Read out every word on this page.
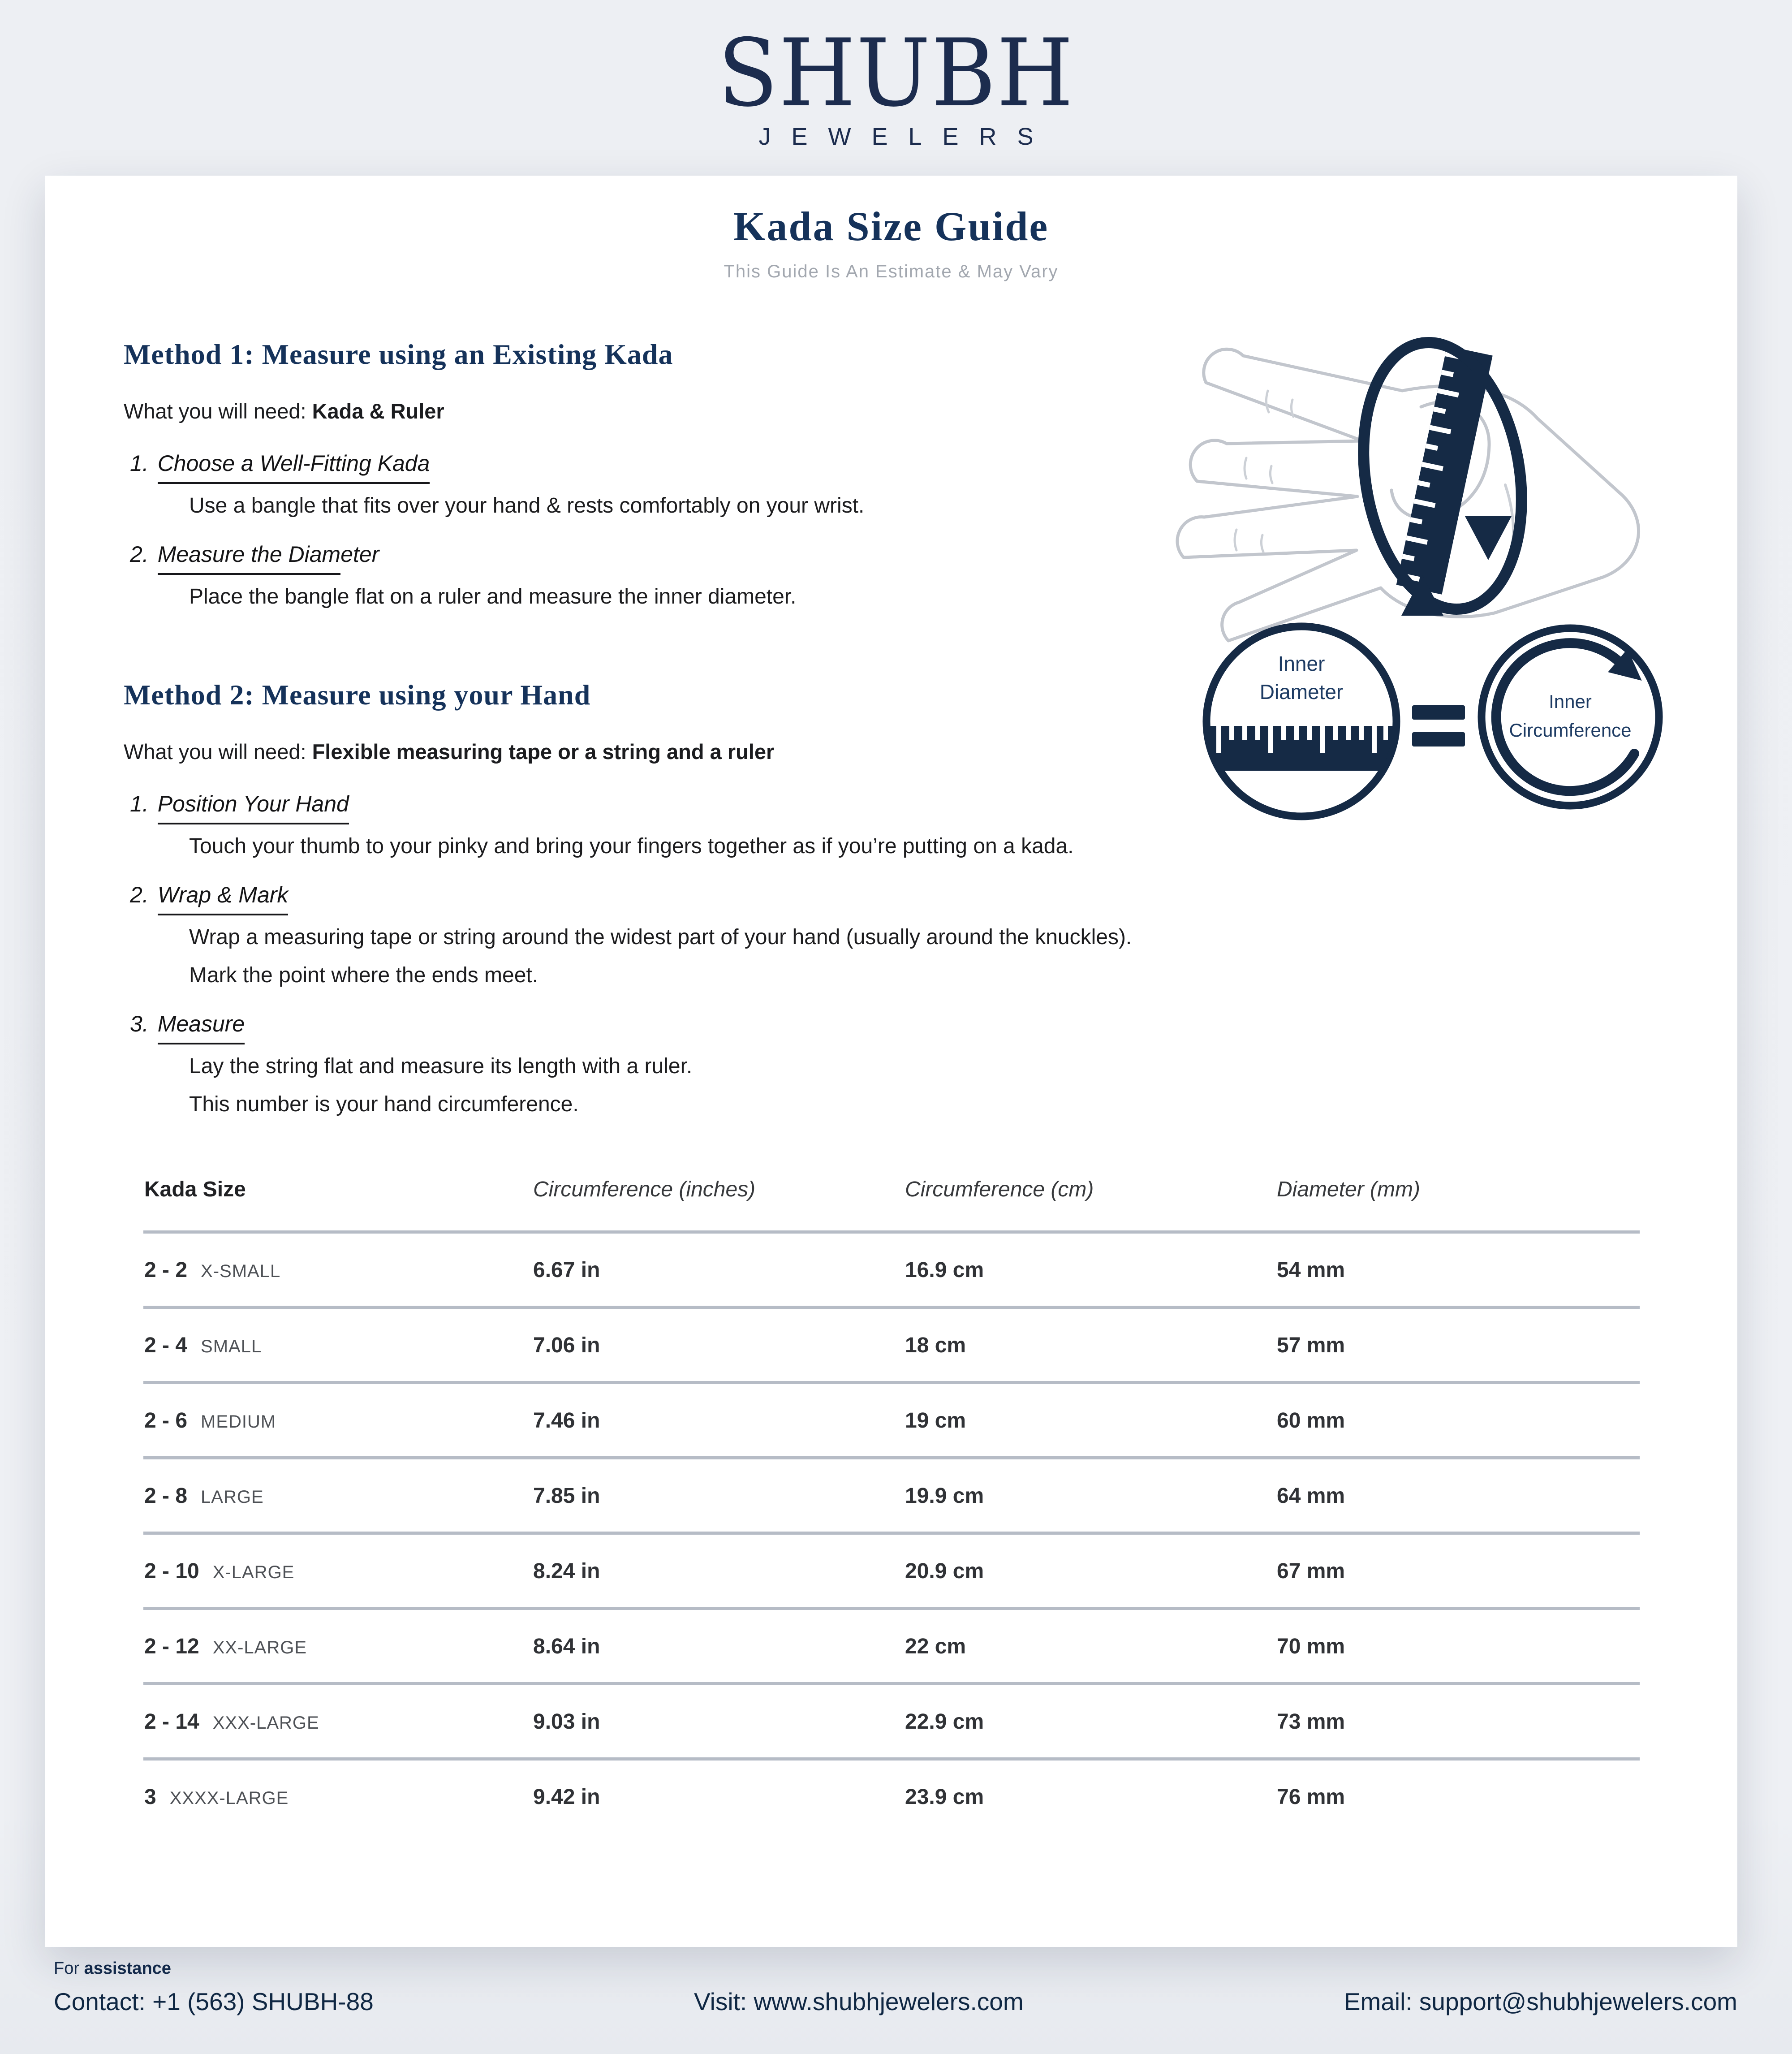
SHUBH
JEWELERS
Kada Size Guide
This Guide Is An Estimate & May Vary
Method 1: Measure using an Existing Kada
What you will need: Kada & Ruler
1. Choose a Well-Fitting Kada
Use a bangle that fits over your hand & rests comfortably on your wrist.
2. Measure the Diameter
Place the bangle flat on a ruler and measure the inner diameter.
Method 2: Measure using your Hand
What you will need: Flexible measuring tape or a string and a ruler
1. Position Your Hand
Touch your thumb to your pinky and bring your fingers together as if you’re putting on a kada.
2. Wrap & Mark
Wrap a measuring tape or string around the widest part of your hand (usually around the knuckles).
Mark the point where the ends meet.
3. Measure
Lay the string flat and measure its length with a ruler.
This number is your hand circumference.
Kada Size	Circumference (inches)	Circumference (cm)	Diameter (mm)
2 - 2 X-SMALL	6.67 in	16.9 cm	54 mm
2 - 4 SMALL	7.06 in	18 cm	57 mm
2 - 6 MEDIUM	7.46 in	19 cm	60 mm
2 - 8 LARGE	7.85 in	19.9 cm	64 mm
2 - 10 X-LARGE	8.24 in	20.9 cm	67 mm
2 - 12 XX-LARGE	8.64 in	22 cm	70 mm
2 - 14 XXX-LARGE	9.03 in	22.9 cm	73 mm
3 XXXX-LARGE	9.42 in	23.9 cm	76 mm
Inner
Diameter	Inner
Circumference
For assistance
Contact: +1 (563) SHUBH-88	Visit: www.shubhjewelers.com	Email: support@shubhjewelers.com
